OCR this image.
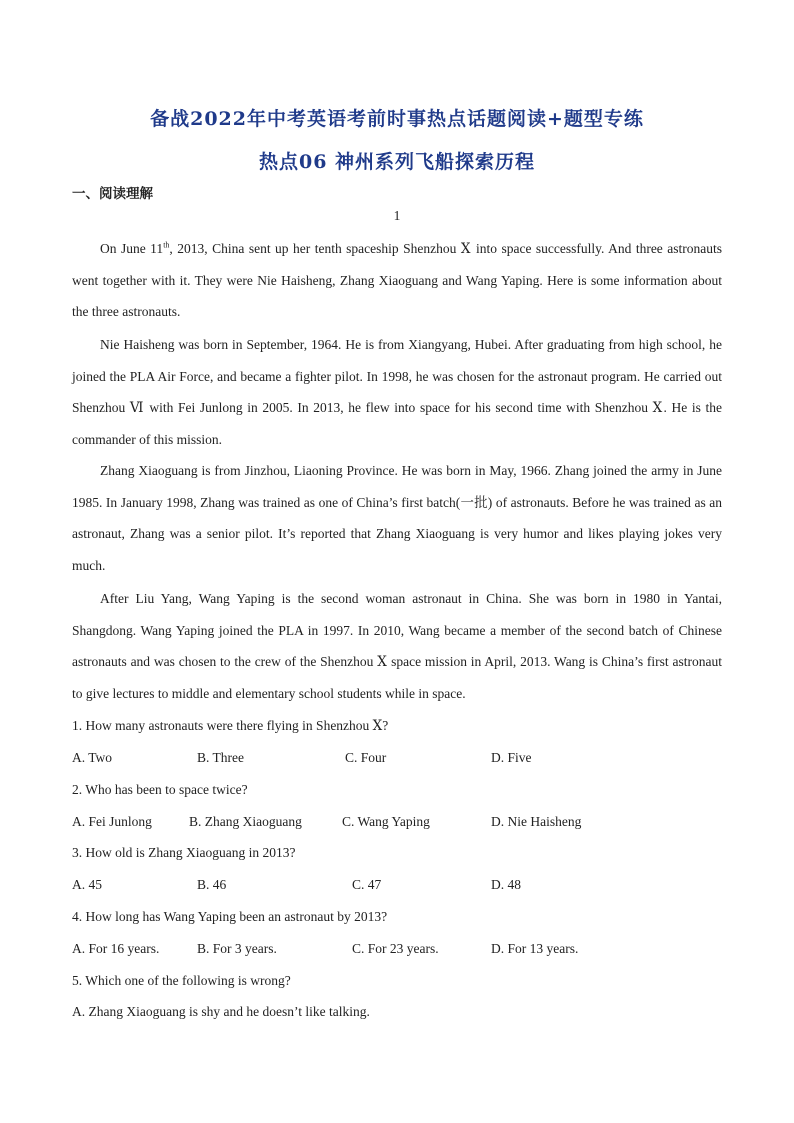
备战2022年中考英语考前时事热点话题阅读+题型专练
热点06 神州系列飞船探索历程
一、阅读理解
1

On June 11th, 2013, China sent up her tenth spaceship Shenzhou Ⅹ into space successfully. And three astronauts went together with it. They were Nie Haisheng, Zhang Xiaoguang and Wang Yaping. Here is some information about the three astronauts.

Nie Haisheng was born in September, 1964. He is from Xiangyang, Hubei. After graduating from high school, he joined the PLA Air Force, and became a fighter pilot. In 1998, he was chosen for the astronaut program. He carried out Shenzhou Ⅵ with Fei Junlong in 2005. In 2013, he flew into space for his second time with Shenzhou Ⅹ. He is the commander of this mission.

Zhang Xiaoguang is from Jinzhou, Liaoning Province. He was born in May, 1966. Zhang joined the army in June 1985. In January 1998, Zhang was trained as one of China’s first batch(一批) of astronauts. Before he was trained as an astronaut, Zhang was a senior pilot. It’s reported that Zhang Xiaoguang is very humor and likes playing jokes very much.

After Liu Yang, Wang Yaping is the second woman astronaut in China. She was born in 1980 in Yantai, Shangdong. Wang Yaping joined the PLA in 1997. In 2010, Wang became a member of the second batch of Chinese astronauts and was chosen to the crew of the Shenzhou Ⅹ space mission in April, 2013. Wang is China’s first astronaut to give lectures to middle and elementary school students while in space.

1. How many astronauts were there flying in Shenzhou Ⅹ?
A. Two	B. Three	C. Four	D. Five
2. Who has been to space twice?
A. Fei Junlong	B. Zhang Xiaoguang	C. Wang Yaping	D. Nie Haisheng
3. How old is Zhang Xiaoguang in 2013?
A. 45	B. 46	C. 47	D. 48
4. How long has Wang Yaping been an astronaut by 2013?
A. For 16 years.	B. For 3 years.	C. For 23 years.	D. For 13 years.
5. Which one of the following is wrong?
A. Zhang Xiaoguang is shy and he doesn’t like talking.
